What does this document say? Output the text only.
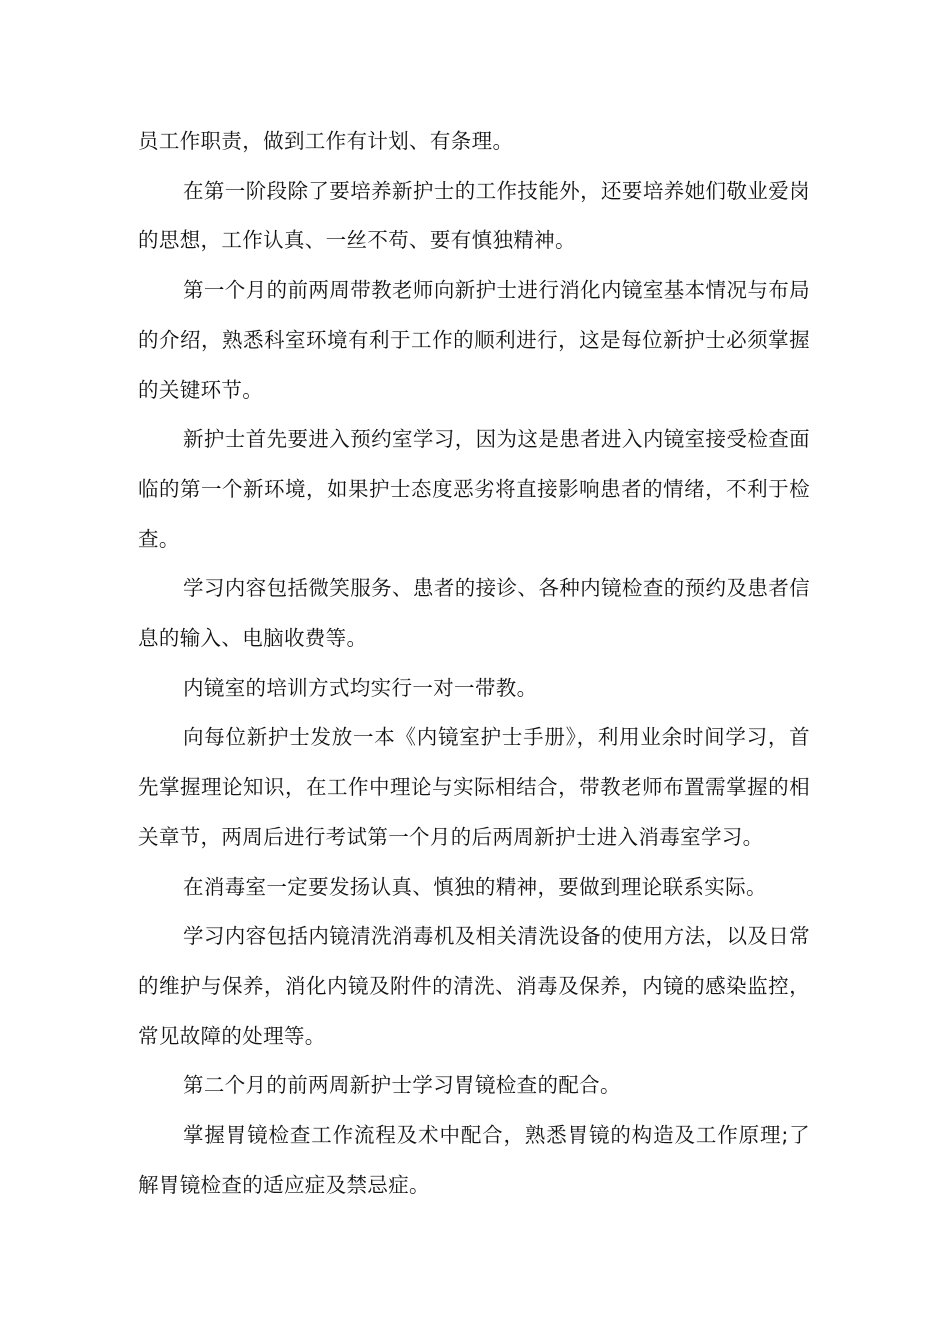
员工作职责，做到工作有计划、有条理。

在第一阶段除了要培养新护士的工作技能外，还要培养她们敬业爱岗的思想，工作认真、一丝不苟、要有慎独精神。

第一个月的前两周带教老师向新护士进行消化内镜室基本情况与布局的介绍，熟悉科室环境有利于工作的顺利进行，这是每位新护士必须掌握的关键环节。

新护士首先要进入预约室学习，因为这是患者进入内镜室接受检查面临的第一个新环境，如果护士态度恶劣将直接影响患者的情绪，不利于检查。

学习内容包括微笑服务、患者的接诊、各种内镜检查的预约及患者信息的输入、电脑收费等。

内镜室的培训方式均实行一对一带教。

向每位新护士发放一本《内镜室护士手册》，利用业余时间学习，首先掌握理论知识，在工作中理论与实际相结合，带教老师布置需掌握的相关章节，两周后进行考试第一个月的后两周新护士进入消毒室学习。

在消毒室一定要发扬认真、慎独的精神，要做到理论联系实际。

学习内容包括内镜清洗消毒机及相关清洗设备的使用方法，以及日常的维护与保养，消化内镜及附件的清洗、消毒及保养，内镜的感染监控，常见故障的处理等。

第二个月的前两周新护士学习胃镜检查的配合。

掌握胃镜检查工作流程及术中配合，熟悉胃镜的构造及工作原理;了解胃镜检查的适应症及禁忌症。
